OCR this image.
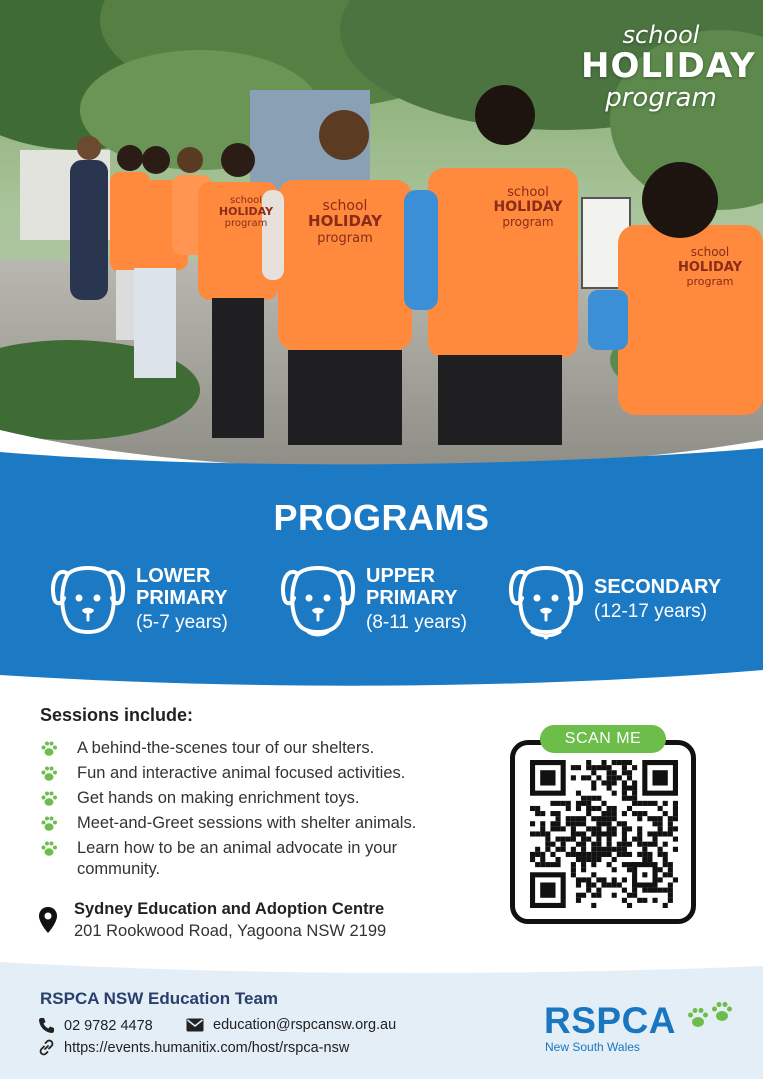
school
HOLIDAY
program
school
HOLIDAY
program
school
HOLIDAY
program
school
HOLIDAY
program
school
HOLIDAY
program
PROGRAMS
LOWER
PRIMARY
(5-7 years)
UPPER
PRIMARY
(8-11 years)
SECONDARY
(12-17 years)
Sessions include:
A behind-the-scenes tour of our shelters.
Fun and interactive animal focused activities.
Get hands on making enrichment toys.
Meet-and-Greet sessions with shelter animals.
Learn how to be an animal advocate in your community.
Sydney Education and Adoption Centre
201 Rookwood Road, Yagoona NSW 2199
SCAN ME
RSPCA NSW Education Team
02 9782 4478	education@rspcansw.org.au
https://events.humanitix.com/host/rspca-nsw
RSPCA
New South Wales
